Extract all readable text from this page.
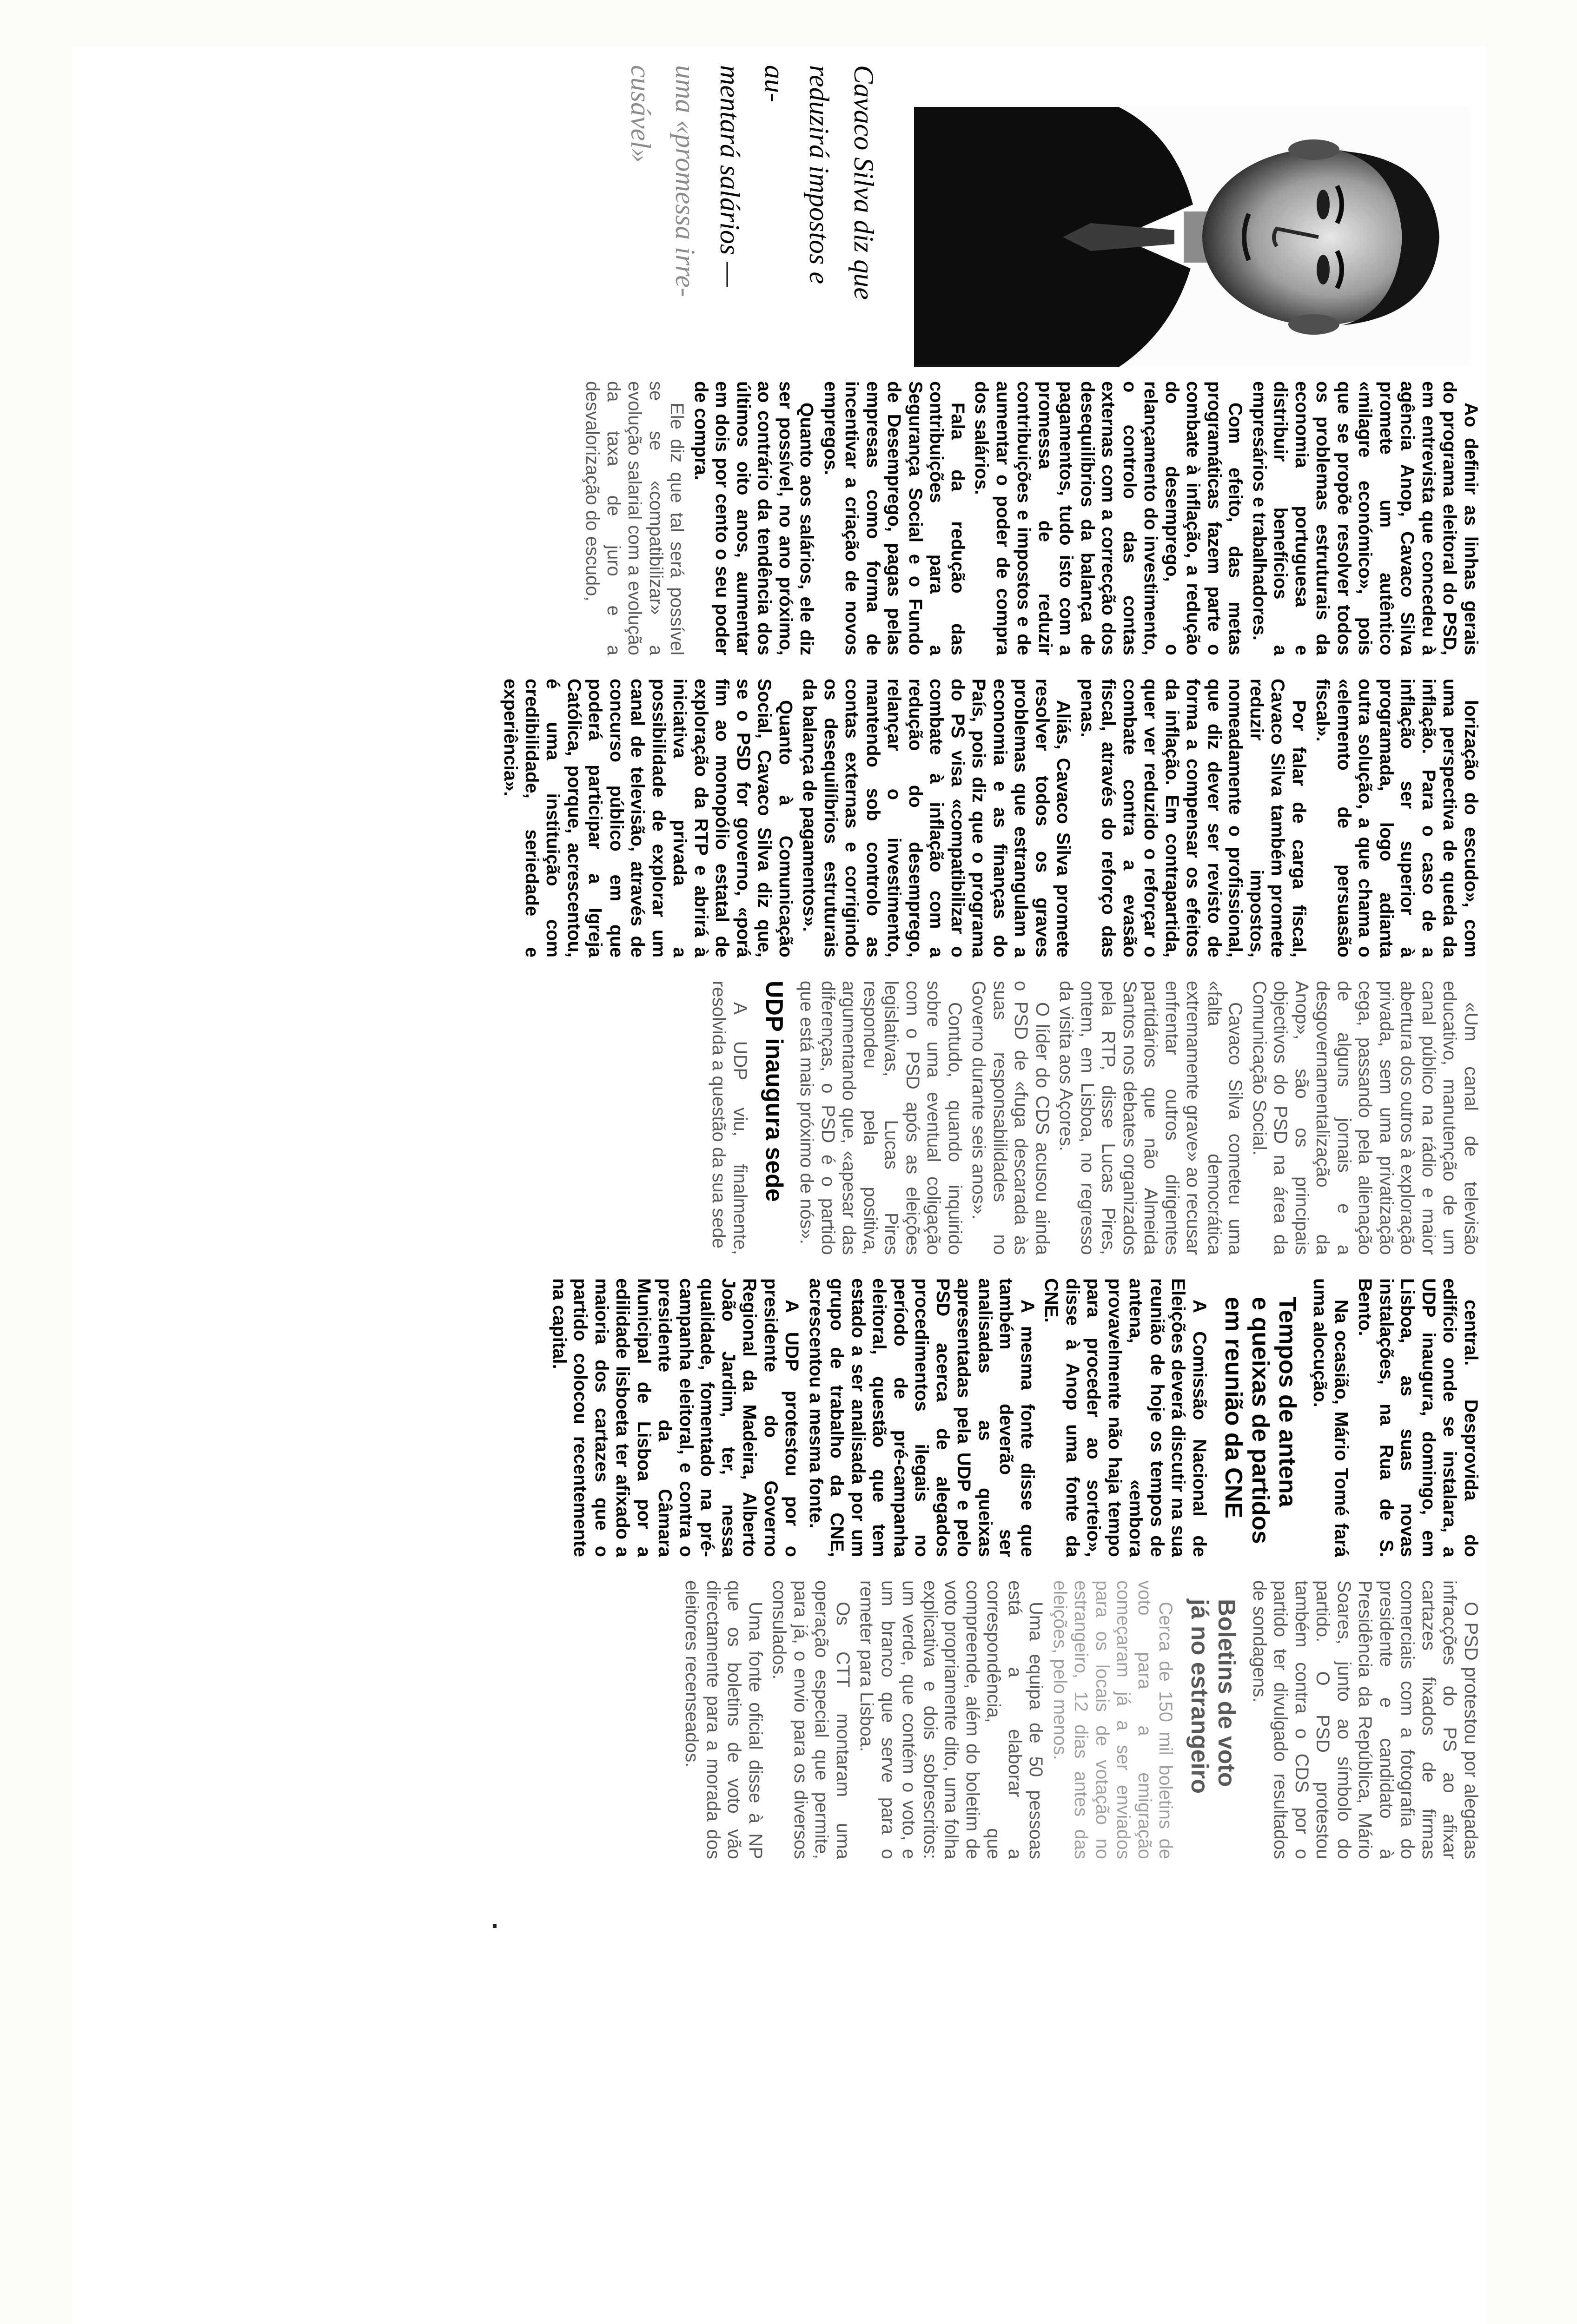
Cavaco Silva diz que
reduzirá impostos e au-
mentará salários —
uma «promessa irre-
cusável»

Ao definir as linhas gerais do programa eleitoral do PSD, em entrevista que concedeu à agência Anop, Cavaco Silva promete um autêntico «milagre económico», pois que se propõe resolver todos os problemas estruturais da economia portuguesa e distribuir benefícios a empresários e trabalhadores.

Com efeito, das metas programáticas fazem parte o combate à inflação, a redução do desemprego, o relançamento do investimento, o controlo das contas externas com a correcção dos desequilíbrios da balança de pagamentos, tudo isto com a promessa de reduzir contribuições e impostos e de aumentar o poder de compra dos salários.

Fala da redução das contribuições para a Segurança Social e o Fundo de Desemprego, pagas pelas empresas como forma de incentivar a criação de novos empregos.

Quanto aos salários, ele diz ser possível, no ano próximo, ao contrário da tendência dos últimos oito anos, aumentar em dois por cento o seu poder de compra.

Ele diz que tal será possível se se «compatibilizar» a evolução salarial com a evolução da taxa de juro e a desvalorização do escudo,

lorização do escudo», com uma perspectiva de queda da inflação. Para o caso de a inflação ser superior à programada, logo adianta outra solução, a que chama o «elemento de persuasão fiscal».

Por falar de carga fiscal, Cavaco Silva também promete reduzir impostos, nomeadamente o profissional, que diz dever ser revisto de forma a compensar os efeitos da inflação. Em contrapartida, quer ver reduzido o reforçar o combate contra a evasão fiscal, através do reforço das penas.

Aliás, Cavaco Silva promete resolver todos os graves problemas que estrangulam a economia e as finanças do País, pois diz que o programa do PS visa «compatibilizar o combate à inflação com a redução do desemprego, relançar o investimento, mantendo sob controlo as contas externas e corrigindo os desequilíbrios estruturais da balança de pagamentos».

Quanto à Comunicação Social, Cavaco Silva diz que, se o PSD for governo, «porá fim ao monopólio estatal de exploração da RTP e abrirá à iniciativa privada a possibilidade de explorar um canal de televisão, através de concurso público em que poderá participar a Igreja Católica, porque, acrescentou, é uma instituição com credibilidade, seriedade e experiência».

«Um canal de televisão educativo, manutenção de um canal público na rádio e maior abertura dos outros à exploração privada, sem uma privatização cega, passando pela alienação de alguns jornais e a desgovernamentalização da Anop», são os principais objectivos do PSD na área da Comunicação Social.

Cavaco Silva cometeu uma «falta democrática extremamente grave» ao recusar enfrentar outros dirigentes partidários que não Almeida Santos nos debates organizados pela RTP, disse Lucas Pires, ontem, em Lisboa, no regresso da visita aos Açores.

O líder do CDS acusou ainda o PSD de «fuga descarada às suas responsabilidades no Governo durante seis anos».

Contudo, quando inquirido sobre uma eventual coligação com o PSD após as eleições legislativas, Lucas Pires respondeu pela positiva, argumentando que, «apesar das diferenças, o PSD é o partido que está mais próximo de nós».

UDP inaugura sede

A UDP viu, finalmente, resolvida a questão da sua sede

central. Desprovida do edifício onde se instalara, a UDP inaugura, domingo, em Lisboa, as suas novas instalações, na Rua de S. Bento.

Na ocasião, Mário Tomé fará uma alocução.

Tempos de antena
e queixas de partidos
em reunião da CNE

A Comissão Nacional de Eleições deverá discutir na sua reunião de hoje os tempos de antena, «embora provavelmente não haja tempo para proceder ao sorteio», disse à Anop uma fonte da CNE.

A mesma fonte disse que também deverão ser analisadas as queixas apresentadas pela UDP e pelo PSD acerca de alegados procedimentos ilegais no período de pré-campanha eleitoral, questão que tem estado a ser analisada por um grupo de trabalho da CNE, acrescentou a mesma fonte.

A UDP protestou por o presidente do Governo Regional da Madeira, Alberto João Jardim, ter, nessa qualidade, fomentado na pré-campanha eleitoral, e contra o presidente da Câmara Municipal de Lisboa por a edilidade lisboeta ter afixado a maioria dos cartazes que o partido colocou recentemente na capital.

O PSD protestou por alegadas infracções do PS ao afixar cartazes fixados de firmas comerciais com a fotografia do presidente e candidato à Presidência da República, Mário Soares, junto ao símbolo do partido. O PSD protestou também contra o CDS por o partido ter divulgado resultados de sondagens.

Boletins de voto
já no estrangeiro

Cerca de 150 mil boletins de voto para a emigração começaram já a ser enviados para os locais de votação no estrangeiro, 12 dias antes das eleições, pelo menos.

Uma equipa de 50 pessoas está a elaborar a correspondência, que compreende, além do boletim de voto propriamente dito, uma folha explicativa e dois sobrescritos: um verde, que contém o voto, e um branco que serve para o remeter para Lisboa.

Os CTT montaram uma operação especial que permite, para já, o envio para os diversos consulados.

Uma fonte oficial disse à NP que os boletins de voto vão directamente para a morada dos eleitores recenseados.
